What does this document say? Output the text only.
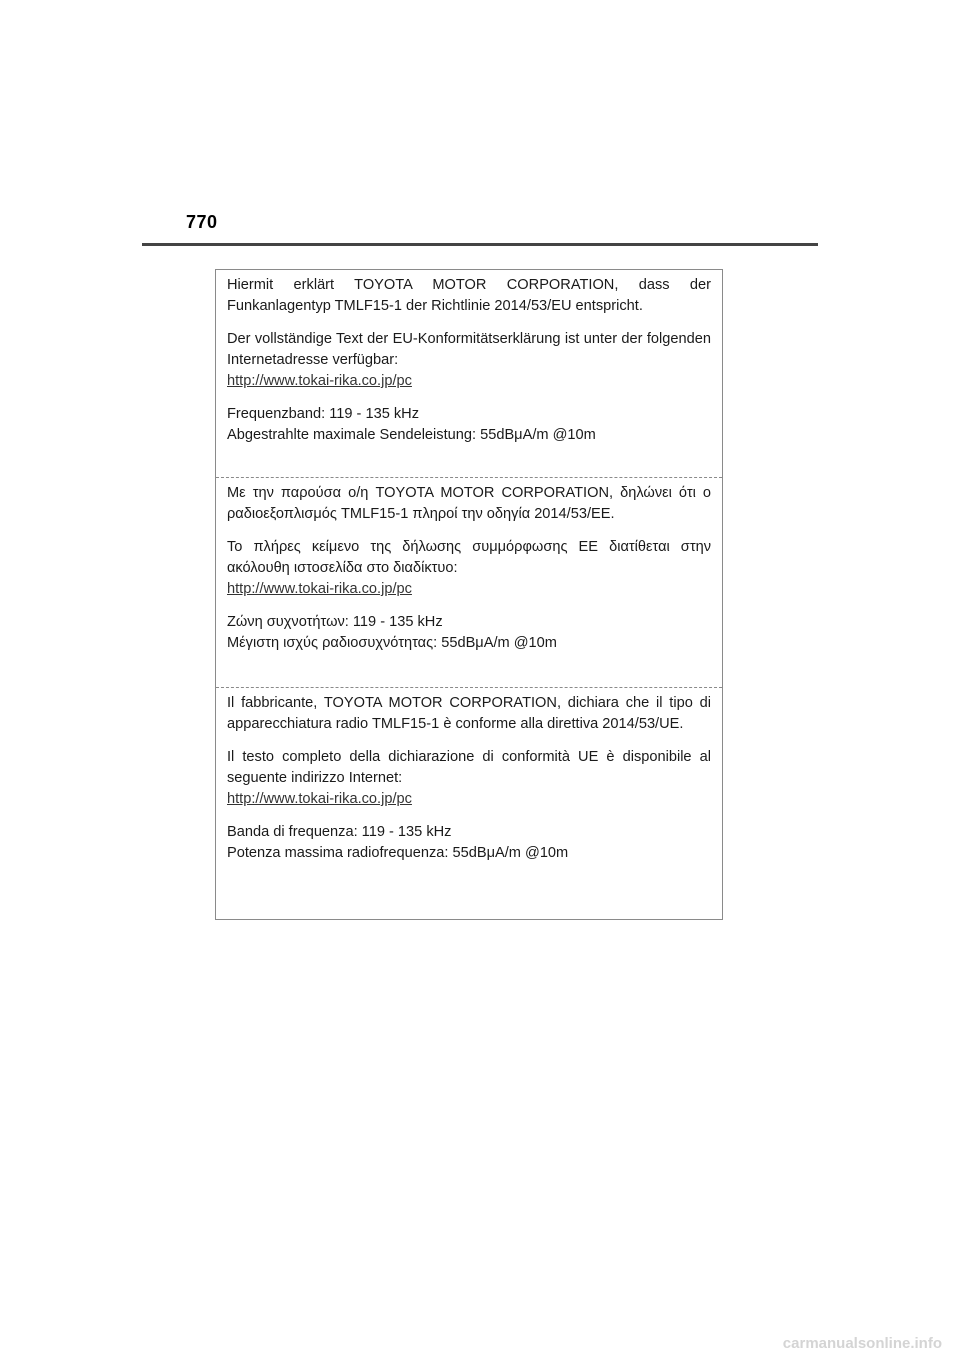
770

Hiermit erklärt TOYOTA MOTOR CORPORATION, dass der Funkanlagentyp TMLF15-1 der Richtlinie 2014/53/EU entspricht.

Der vollständige Text der EU-Konformitätserklärung ist unter der folgenden Internetadresse verfügbar:

http://www.tokai-rika.co.jp/pc
Frequenzband: 119 - 135 kHz
Abgestrahlte maximale Sendeleistung: 55dBμA/m @10m

Με την παρούσα ο/η TOYOTA MOTOR CORPORATION, δηλώνει ότι ο ραδιοεξοπλισμός TMLF15-1 πληροί την οδηγία 2014/53/ΕΕ.

Το πλήρες κείμενο της δήλωσης συμμόρφωσης ΕΕ διατίθεται στην ακόλουθη ιστοσελίδα στο διαδίκτυο:

http://www.tokai-rika.co.jp/pc
Ζώνη συχνοτήτων: 119 - 135 kHz
Μέγιστη ισχύς ραδιοσυχνότητας: 55dBμA/m @10m

Il fabbricante, TOYOTA MOTOR CORPORATION, dichiara che il tipo di apparecchiatura radio TMLF15-1 è conforme alla direttiva 2014/53/UE.

Il testo completo della dichiarazione di conformità UE è disponibile al seguente indirizzo Internet:

http://www.tokai-rika.co.jp/pc
Banda di frequenza: 119 - 135 kHz
Potenza massima radiofrequenza: 55dBμA/m @10m
carmanualsonline.info
